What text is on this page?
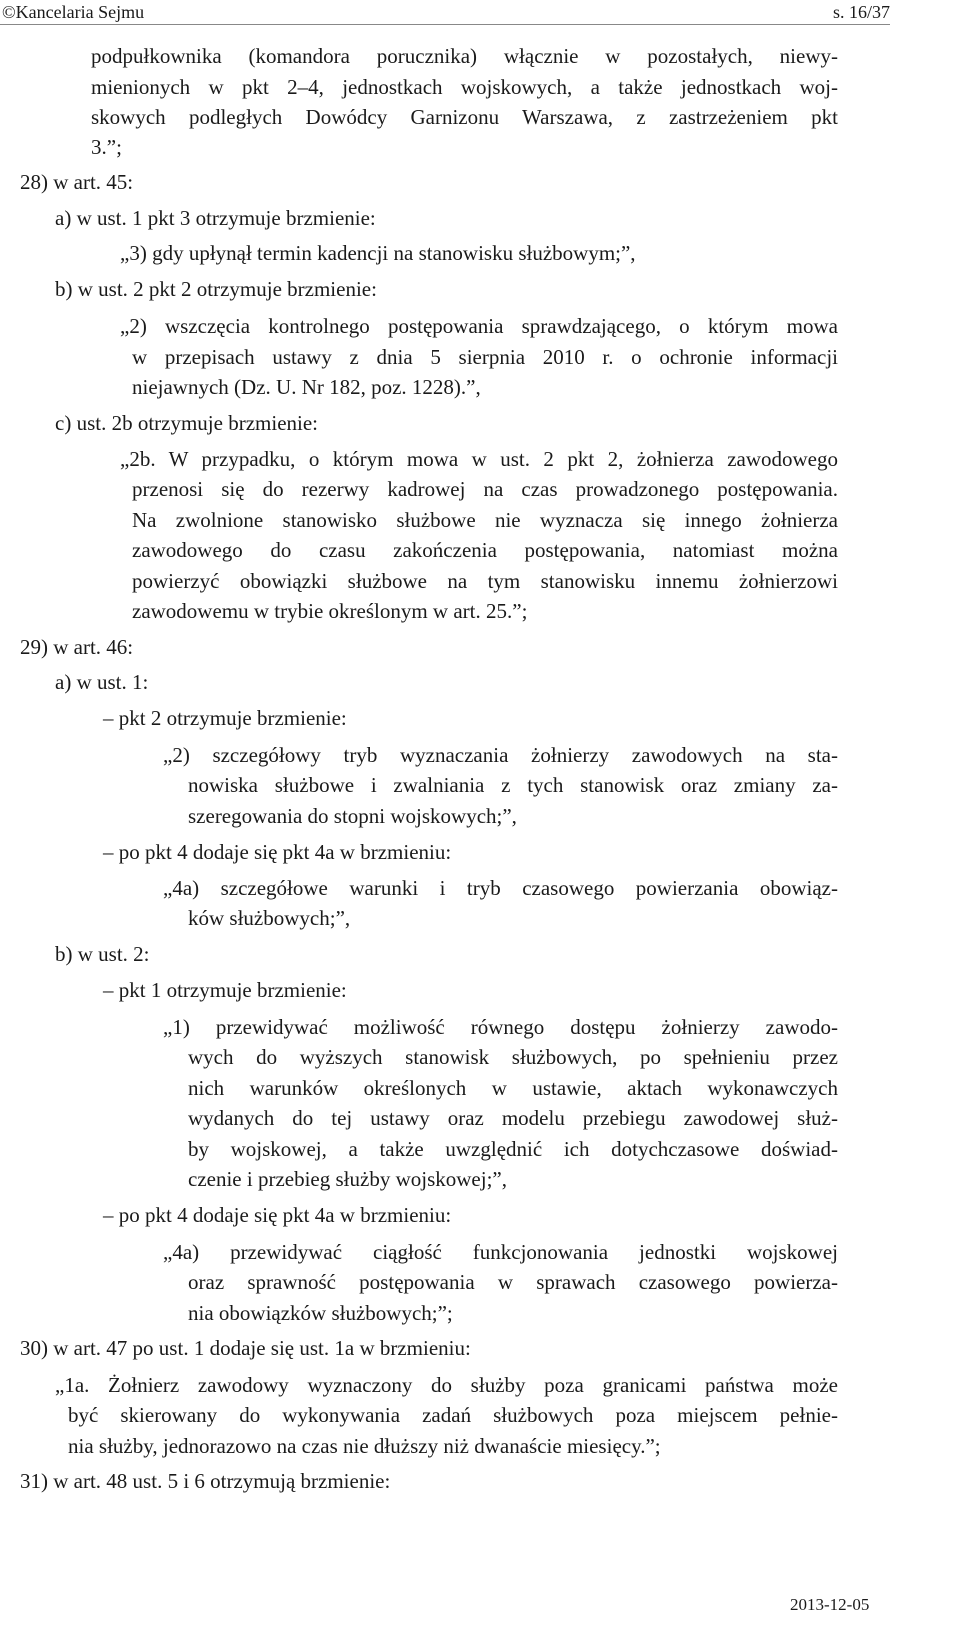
©Kancelaria Sejmu	s. 16/37
podpułkownika (komandora porucznika) włącznie w pozostałych, niewy-
mienionych w pkt 2–4, jednostkach wojskowych, a także jednostkach woj-
skowych podległych Dowódcy Garnizonu Warszawa, z zastrzeżeniem pkt
3.”;
28) w art. 45:
a) w ust. 1 pkt 3 otrzymuje brzmienie:
„3) gdy upłynął termin kadencji na stanowisku służbowym;”,
b) w ust. 2 pkt 2 otrzymuje brzmienie:
„2) wszczęcia kontrolnego postępowania sprawdzającego, o którym mowa
w przepisach ustawy z dnia 5 sierpnia 2010 r. o ochronie informacji
niejawnych (Dz. U. Nr 182, poz. 1228).”,
c) ust. 2b otrzymuje brzmienie:
„2b. W przypadku, o którym mowa w ust. 2 pkt 2, żołnierza zawodowego
przenosi się do rezerwy kadrowej na czas prowadzonego postępowania.
Na zwolnione stanowisko służbowe nie wyznacza się innego żołnierza
zawodowego do czasu zakończenia postępowania, natomiast można
powierzyć obowiązki służbowe na tym stanowisku innemu żołnierzowi
zawodowemu w trybie określonym w art. 25.”;
29) w art. 46:
a) w ust. 1:
– pkt 2 otrzymuje brzmienie:
„2) szczegółowy tryb wyznaczania żołnierzy zawodowych na sta-
nowiska służbowe i zwalniania z tych stanowisk oraz zmiany za-
szeregowania do stopni wojskowych;”,
– po pkt 4 dodaje się pkt 4a w brzmieniu:
„4a) szczegółowe warunki i tryb czasowego powierzania obowiąz-
ków służbowych;”,
b) w ust. 2:
– pkt 1 otrzymuje brzmienie:
„1) przewidywać możliwość równego dostępu żołnierzy zawodo-
wych do wyższych stanowisk służbowych, po spełnieniu przez
nich warunków określonych w ustawie, aktach wykonawczych
wydanych do tej ustawy oraz modelu przebiegu zawodowej służ-
by wojskowej, a także uwzględnić ich dotychczasowe doświad-
czenie i przebieg służby wojskowej;”,
– po pkt 4 dodaje się pkt 4a w brzmieniu:
„4a) przewidywać ciągłość funkcjonowania jednostki wojskowej
oraz sprawność postępowania w sprawach czasowego powierza-
nia obowiązków służbowych;”;
30) w art. 47 po ust. 1 dodaje się ust. 1a w brzmieniu:
„1a. Żołnierz zawodowy wyznaczony do służby poza granicami państwa może
być skierowany do wykonywania zadań służbowych poza miejscem pełnie-
nia służby, jednorazowo na czas nie dłuższy niż dwanaście miesięcy.”;
31) w art. 48 ust. 5 i 6 otrzymują brzmienie:
2013-12-05
